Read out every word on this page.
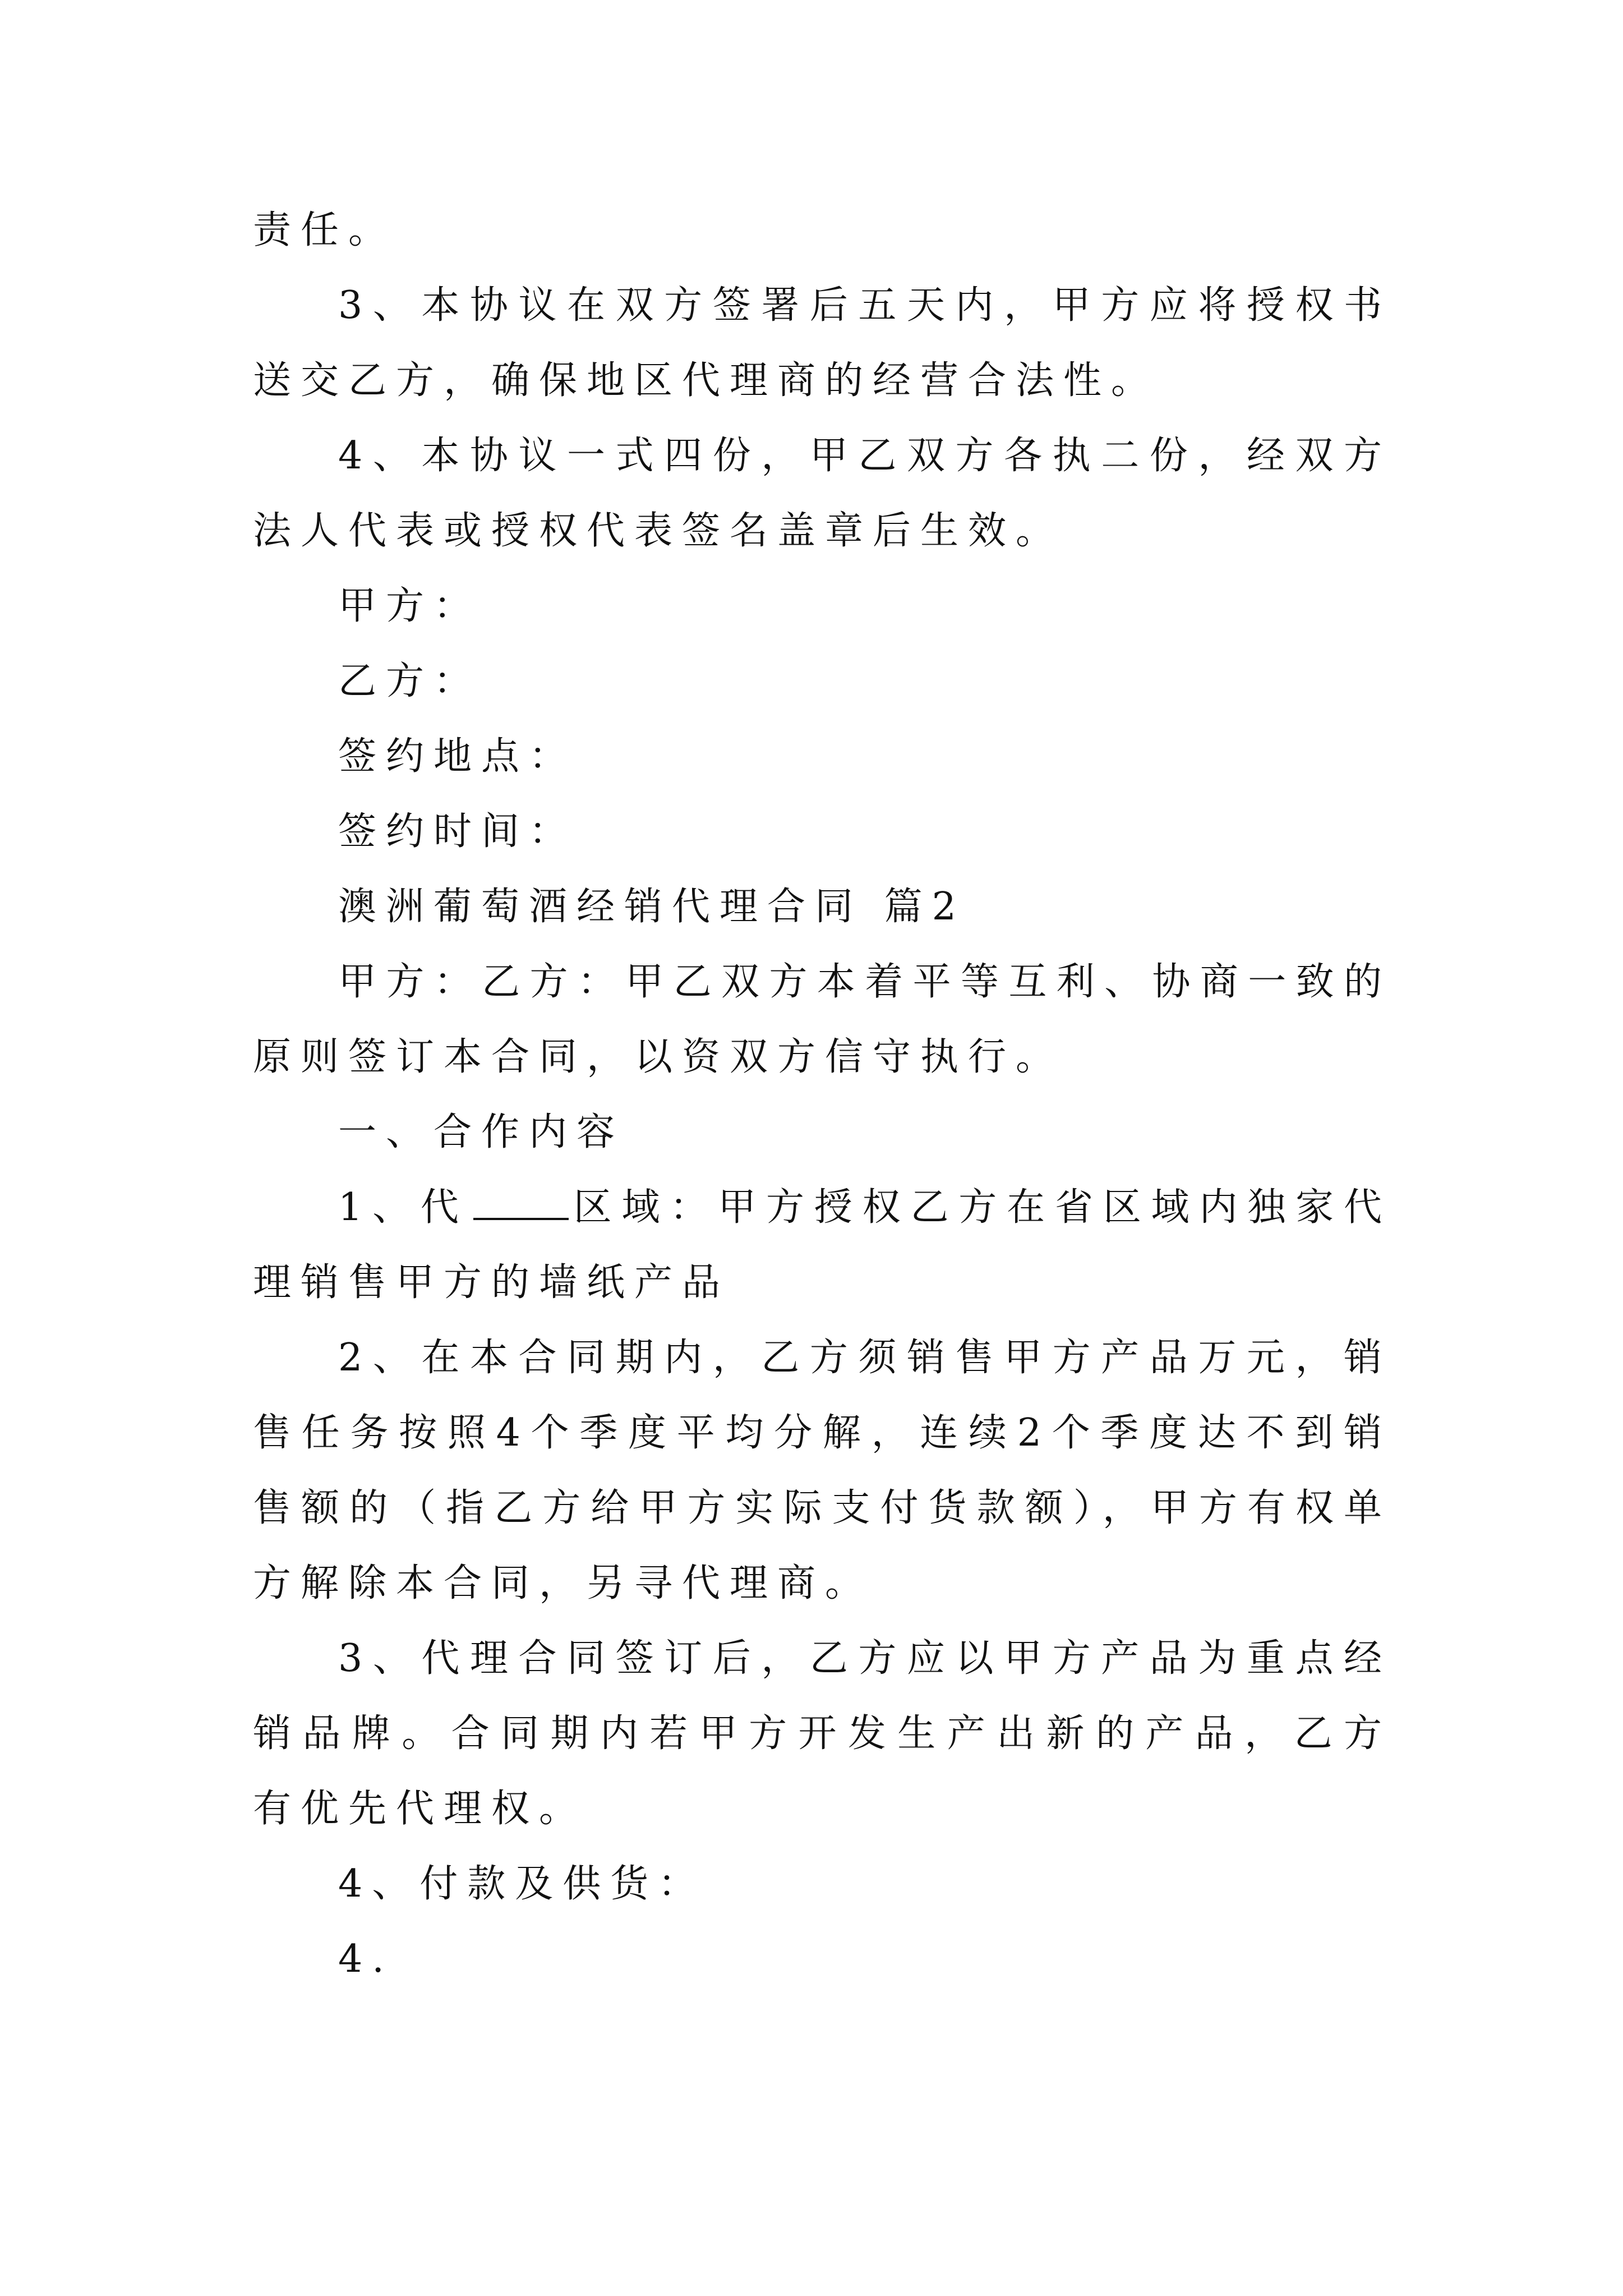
责任。

3、本协议在双方签署后五天内，甲方应将授权书送交乙方，确保地区代理商的经营合法性。

4、本协议一式四份，甲乙双方各执二份，经双方法人代表或授权代表签名盖章后生效。

甲方：

乙方：

签约地点：

签约时间：

澳洲葡萄酒经销代理合同 篇2

甲方：乙方：甲乙双方本着平等互利、协商一致的原则签订本合同，以资双方信守执行。

一、合作内容

1、代	区域：甲方授权乙方在省区域内独家代理销售甲方的墙纸产品

2、在本合同期内，乙方须销售甲方产品万元，销售任务按照4个季度平均分解，连续2个季度达不到销售额的（指乙方给甲方实际支付货款额），甲方有权单方解除本合同，另寻代理商。

3、代理合同签订后，乙方应以甲方产品为重点经销品牌。合同期内若甲方开发生产出新的产品，乙方有优先代理权。

4、付款及供货：

4.
